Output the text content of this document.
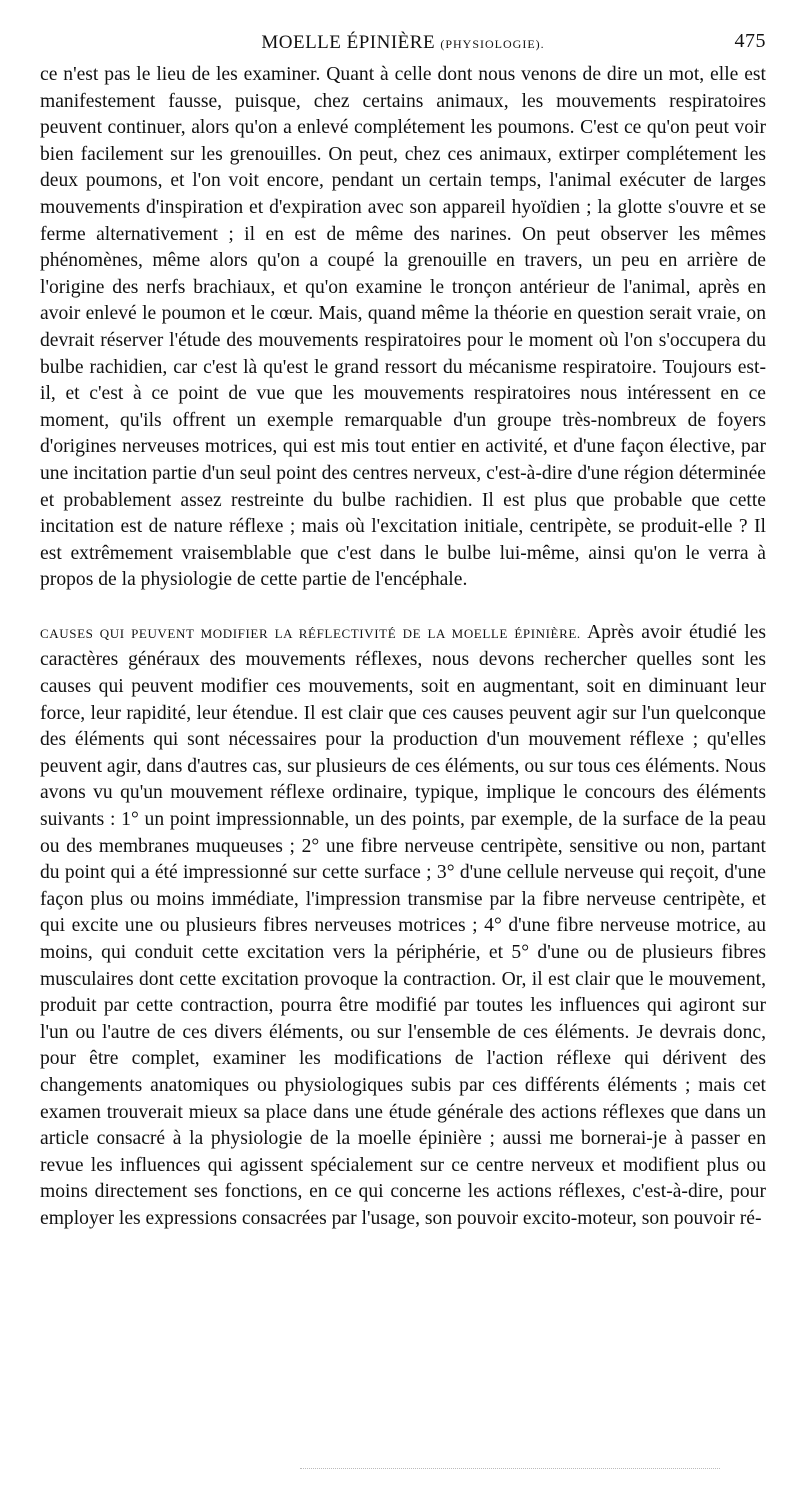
MOELLE ÉPINIÈRE (PHYSIOLOGIE).	475

ce n'est pas le lieu de les examiner. Quant à celle dont nous venons de dire un mot, elle est manifestement fausse, puisque, chez certains animaux, les mouvements respiratoires peuvent continuer, alors qu'on a enlevé complétement les poumons. C'est ce qu'on peut voir bien facilement sur les grenouilles. On peut, chez ces animaux, extirper complétement les deux poumons, et l'on voit encore, pendant un certain temps, l'animal exécuter de larges mouvements d'inspiration et d'expiration avec son appareil hyoïdien ; la glotte s'ouvre et se ferme alternativement ; il en est de même des narines. On peut observer les mêmes phénomènes, même alors qu'on a coupé la grenouille en travers, un peu en arrière de l'origine des nerfs brachiaux, et qu'on examine le tronçon antérieur de l'animal, après en avoir enlevé le poumon et le cœur. Mais, quand même la théorie en question serait vraie, on devrait réserver l'étude des mouvements respiratoires pour le moment où l'on s'occupera du bulbe rachidien, car c'est là qu'est le grand ressort du mécanisme respiratoire. Toujours est-il, et c'est à ce point de vue que les mouvements respiratoires nous intéressent en ce moment, qu'ils offrent un exemple remarquable d'un groupe très-nombreux de foyers d'origines nerveuses motrices, qui est mis tout entier en activité, et d'une façon élective, par une incitation partie d'un seul point des centres nerveux, c'est-à-dire d'une région déterminée et probablement assez restreinte du bulbe rachidien. Il est plus que probable que cette incitation est de nature réflexe ; mais où l'excitation initiale, centripète, se produit-elle ? Il est extrêmement vraisemblable que c'est dans le bulbe lui-même, ainsi qu'on le verra à propos de la physiologie de cette partie de l'encéphale.

CAUSES QUI PEUVENT MODIFIER LA RÉFLECTIVITÉ DE LA MOELLE ÉPINIÈRE. Après avoir étudié les caractères généraux des mouvements réflexes, nous devons rechercher quelles sont les causes qui peuvent modifier ces mouvements, soit en augmentant, soit en diminuant leur force, leur rapidité, leur étendue. Il est clair que ces causes peuvent agir sur l'un quelconque des éléments qui sont nécessaires pour la production d'un mouvement réflexe ; qu'elles peuvent agir, dans d'autres cas, sur plusieurs de ces éléments, ou sur tous ces éléments. Nous avons vu qu'un mouvement réflexe ordinaire, typique, implique le concours des éléments suivants : 1° un point impressionnable, un des points, par exemple, de la surface de la peau ou des membranes muqueuses ; 2° une fibre nerveuse centripète, sensitive ou non, partant du point qui a été impressionné sur cette surface ; 3° d'une cellule nerveuse qui reçoit, d'une façon plus ou moins immédiate, l'impression transmise par la fibre nerveuse centripète, et qui excite une ou plusieurs fibres nerveuses motrices ; 4° d'une fibre nerveuse motrice, au moins, qui conduit cette excitation vers la périphérie, et 5° d'une ou de plusieurs fibres musculaires dont cette excitation provoque la contraction. Or, il est clair que le mouvement, produit par cette contraction, pourra être modifié par toutes les influences qui agiront sur l'un ou l'autre de ces divers éléments, ou sur l'ensemble de ces éléments. Je devrais donc, pour être complet, examiner les modifications de l'action réflexe qui dérivent des changements anatomiques ou physiologiques subis par ces différents éléments ; mais cet examen trouverait mieux sa place dans une étude générale des actions réflexes que dans un article consacré à la physiologie de la moelle épinière ; aussi me bornerai-je à passer en revue les influences qui agissent spécialement sur ce centre nerveux et modifient plus ou moins directement ses fonctions, en ce qui concerne les actions réflexes, c'est-à-dire, pour employer les expressions consacrées par l'usage, son pouvoir excito-moteur, son pouvoir ré-
